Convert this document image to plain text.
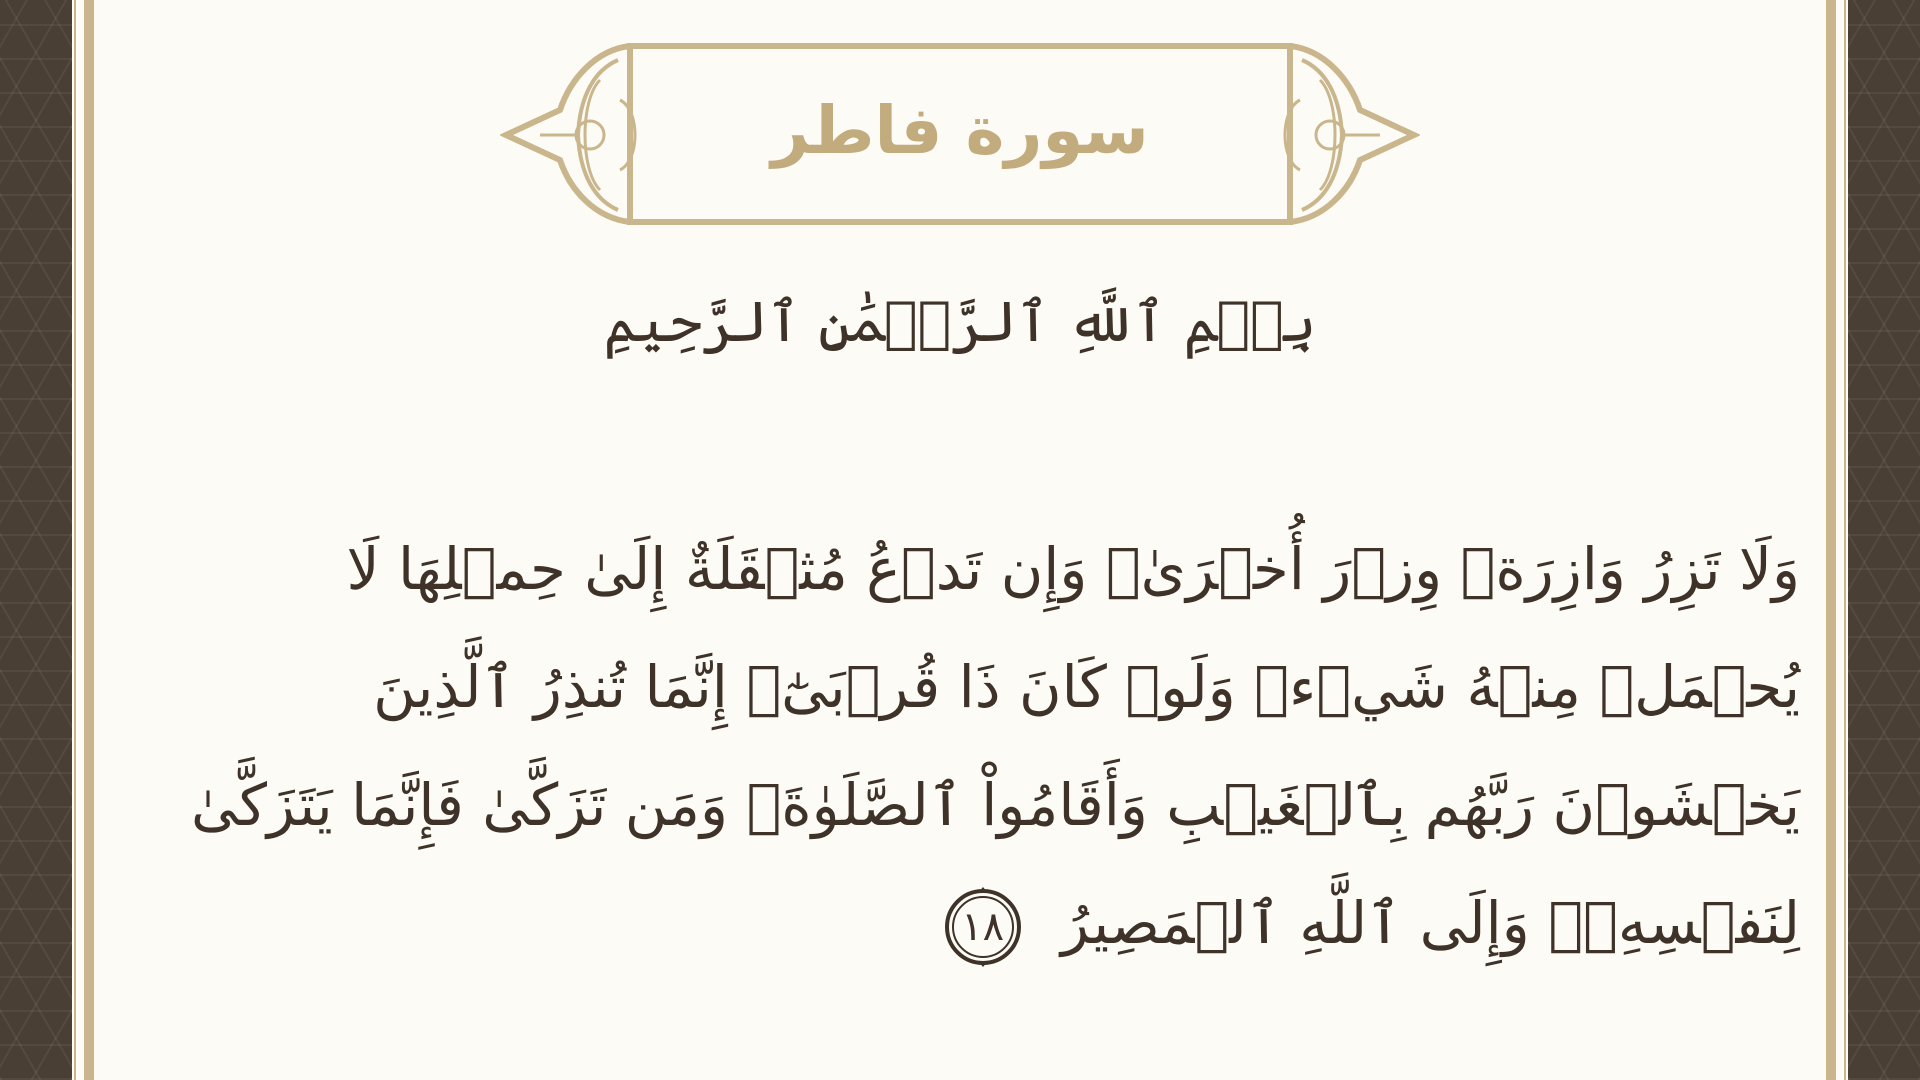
سورة فاطر
بِسۡمِ ٱللَّهِ ٱلرَّحۡمَٰنِ ٱلرَّحِيمِ
وَلَا تَزِرُ وَازِرَةٞ وِزۡرَ أُخۡرَىٰۚ وَإِن تَدۡعُ مُثۡقَلَةٌ إِلَىٰ حِمۡلِهَا لَا يُحۡمَلۡ مِنۡهُ شَيۡءٞ وَلَوۡ كَانَ ذَا قُرۡبَىٰٓۗ إِنَّمَا تُنذِرُ ٱلَّذِينَ يَخۡشَوۡنَ رَبَّهُم بِٱلۡغَيۡبِ وَأَقَامُواْ ٱلصَّلَوٰةَۚ وَمَن تَزَكَّىٰ فَإِنَّمَا يَتَزَكَّىٰ لِنَفۡسِهِۦۚ وَإِلَى ٱللَّهِ ٱلۡمَصِيرُ
١٨
